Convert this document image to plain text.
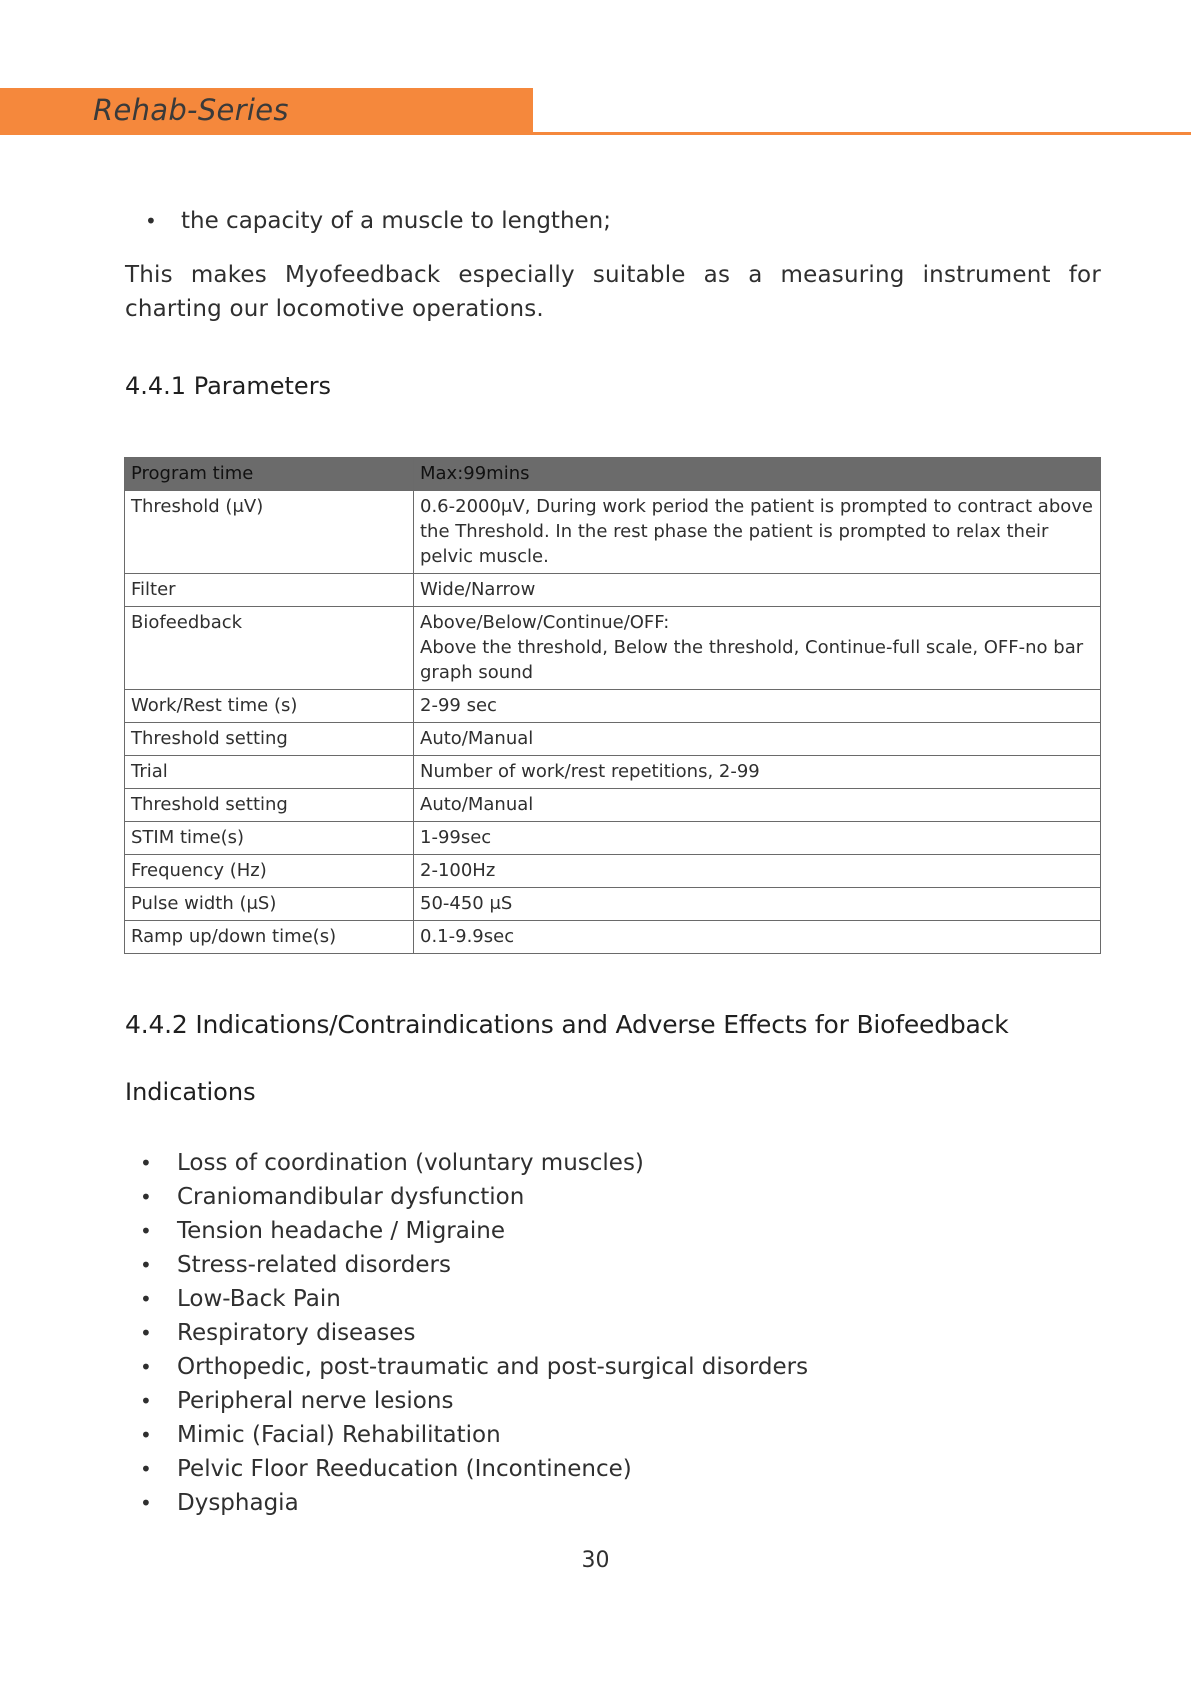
Rehab-Series
•	the capacity of a muscle to lengthen;
This makes Myofeedback especially suitable as a measuring instrument for charting our locomotive operations.
4.4.1 Parameters
Program time	Max:99mins
Threshold (μV)	0.6-2000μV, During work period the patient is prompted to contract above the Threshold. In the rest phase the patient is prompted to relax their pelvic muscle.
Filter	Wide/Narrow
Biofeedback	Above/Below/Continue/OFF:
Above the threshold, Below the threshold, Continue-full scale, OFF-no bar graph sound

Work/Rest time (s)	2-99 sec
Threshold setting	Auto/Manual
Trial	Number of work/rest repetitions, 2-99
Threshold setting	Auto/Manual
STIM time(s)	1-99sec
Frequency (Hz)	2-100Hz
Pulse width (μS)	50-450 μS
Ramp up/down time(s)	0.1-9.9sec
4.4.2 Indications/Contraindications and Adverse Effects for Biofeedback
Indications
•	Loss of coordination (voluntary muscles)
•	Craniomandibular dysfunction
•	Tension headache / Migraine
•	Stress-related disorders
•	Low-Back Pain
•	Respiratory diseases
•	Orthopedic, post-traumatic and post-surgical disorders
•	Peripheral nerve lesions
•	Mimic (Facial) Rehabilitation
•	Pelvic Floor Reeducation (Incontinence)
•	Dysphagia
30
